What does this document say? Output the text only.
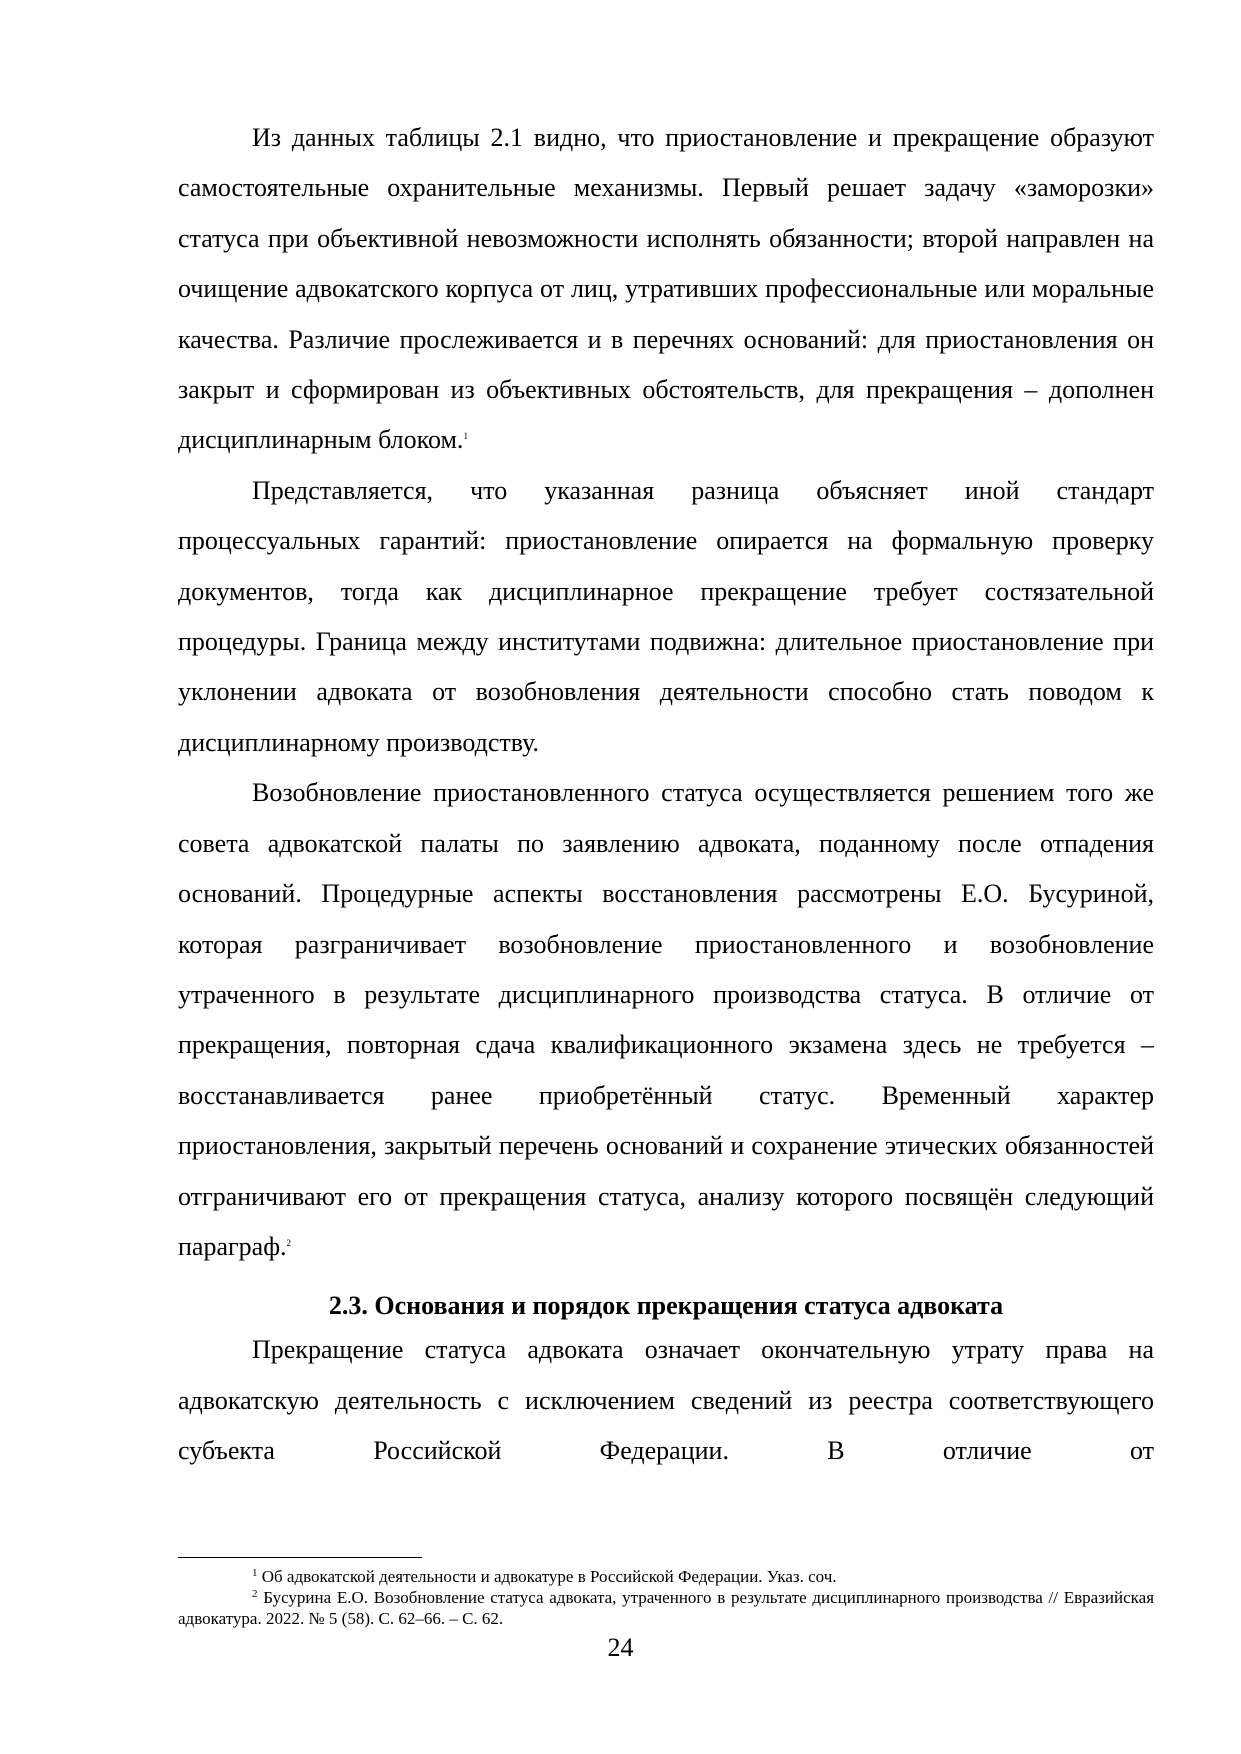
Из данных таблицы 2.1 видно, что приостановление и прекращение образуют самостоятельные охранительные механизмы. Первый решает задачу «заморозки» статуса при объективной невозможности исполнять обязанности; второй направлен на очищение адвокатского корпуса от лиц, утративших профессиональные или моральные качества. Различие прослеживается и в перечнях оснований: для приостановления он закрыт и сформирован из объективных обстоятельств, для прекращения – дополнен дисциплинарным блоком.$^1$

Представляется, что указанная разница объясняет иной стандарт процессуальных гарантий: приостановление опирается на формальную проверку документов, тогда как дисциплинарное прекращение требует состязательной процедуры. Граница между институтами подвижна: длительное приостановление при уклонении адвоката от возобновления деятельности способно стать поводом к дисциплинарному производству.

Возобновление приостановленного статуса осуществляется решением того же совета адвокатской палаты по заявлению адвоката, поданному после отпадения оснований. Процедурные аспекты восстановления рассмотрены Е.О. Бусуриной, которая разграничивает возобновление приостановленного и возобновление утраченного в результате дисциплинарного производства статуса. В отличие от прекращения, повторная сдача квалификационного экзамена здесь не требуется – восстанавливается ранее приобретённый статус. Временный характер приостановления, закрытый перечень оснований и сохранение этических обязанностей отграничивают его от прекращения статуса, анализу которого посвящён следующий параграф.$^2$

2.3. Основания и порядок прекращения статуса адвоката

Прекращение статуса адвоката означает окончательную утрату права на адвокатскую деятельность с исключением сведений из реестра соответствующего субъекта Российской Федерации. В отличие от

$^1$ Об адвокатской деятельности и адвокатуре в Российской Федерации. Указ. соч.

$^2$ Бусурина Е.О. Возобновление статуса адвоката, утраченного в результате дисциплинарного производства // Евразийская адвокатура. 2022. № 5 (58). С. 62–66. – С. 62.

24
